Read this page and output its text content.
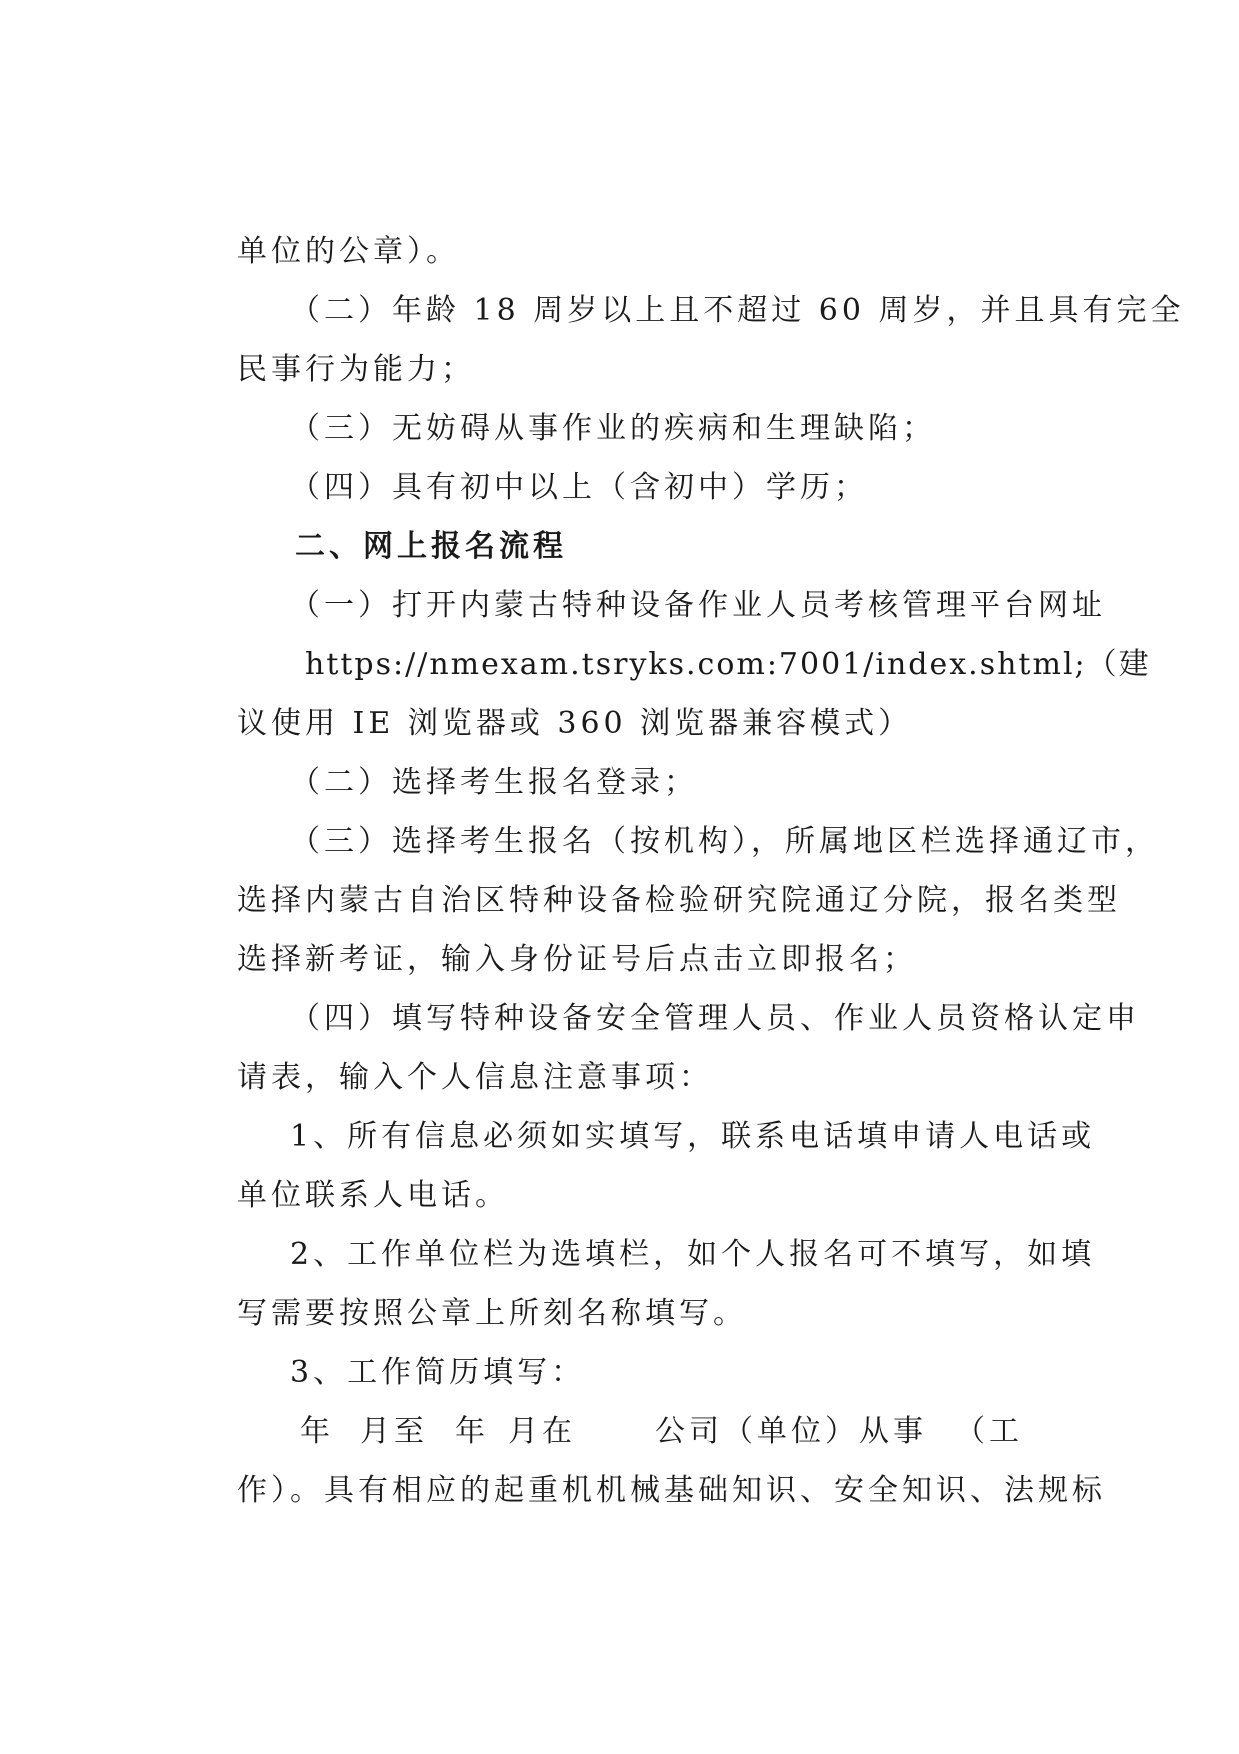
单位的公章）。
（二）年龄 18 周岁以上且不超过 60 周岁，并且具有完全
民事行为能力；
（三）无妨碍从事作业的疾病和生理缺陷；
（四）具有初中以上（含初中）学历；
二、网上报名流程
（一）打开内蒙古特种设备作业人员考核管理平台网址
https://nmexam.tsryks.com:7001/index.shtml;（建
议使用 IE 浏览器或 360 浏览器兼容模式）
（二）选择考生报名登录；
（三）选择考生报名（按机构），所属地区栏选择通辽市，
选择内蒙古自治区特种设备检验研究院通辽分院，报名类型
选择新考证，输入身份证号后点击立即报名；
（四）填写特种设备安全管理人员、作业人员资格认定申
请表，输入个人信息注意事项：
1、所有信息必须如实填写，联系电话填申请人电话或
单位联系人电话。
2、工作单位栏为选填栏，如个人报名可不填写，如填
写需要按照公章上所刻名称填写。
3、工作简历填写：
年 月至 年 月在	公司（单位）从事 （工
作）。具有相应的起重机机械基础知识、安全知识、法规标
